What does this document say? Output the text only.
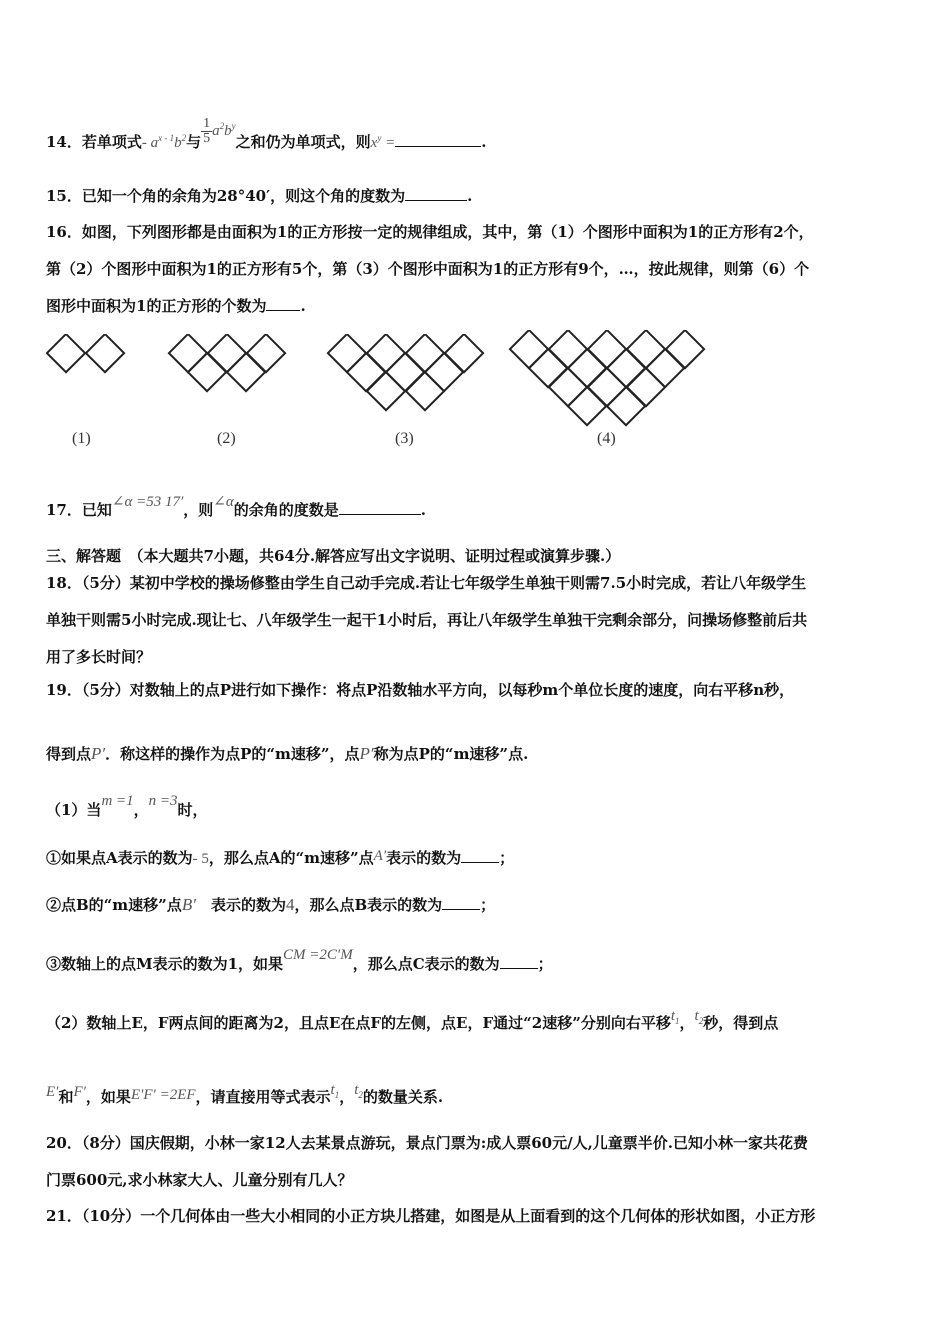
14．若单项式- $a^{x - 1}b^2$与 $\frac{1}{5} a^2b^y$之和仍为单项式，则$x^y$ =	.
15．已知一个角的余角为28°40′，则这个角的度数为	.
16．如图，下列图形都是由面积为1的正方形按一定的规律组成，其中，第（1）个图形中面积为1的正方形有2个，
第（2）个图形中面积为1的正方形有5个，第（3）个图形中面积为1的正方形有9个，…，按此规律，则第（6）个
图形中面积为1的正方形的个数为 .
(1)	(2)	(3)	(4)
17．已知∠α =53 17′，则∠α的余角的度数是	.
三、解答题　（本大题共7小题，共64分.解答应写出文字说明、证明过程或演算步骤.）
18．（5分）某初中学校的操场修整由学生自己动手完成.若让七年级学生单独干则需7.5小时完成，若让八年级学生
单独干则需5小时完成.现让七、八年级学生一起干1小时后，再让八年级学生单独干完剩余部分，问操场修整前后共
用了多长时间？
19．（5分）对数轴上的点P进行如下操作：将点P沿数轴水平方向，以每秒m个单位长度的速度，向右平移n秒，
得到点P′．称这样的操作为点P的“m速移”，点P′称为点P的“m速移”点.
（1）当m =1，n =3时，
①如果点A表示的数为- 5，那么点A的“m速移”点A′表示的数为	；
②点B的“m速移”点B′　 表示的数为4，那么点B表示的数为	；
③数轴上的点M表示的数为1，如果CM =2C′M，那么点C表示的数为	；
（2）数轴上E，F两点间的距离为2，且点E在点F的左侧，点E，F通过“2速移”分别向右平移$t_1$，$t_2$秒，得到点
E′和F′，如果E′F′ =2EF，请直接用等式表示$t_1$，$t_2$的数量关系.
20．（8分）国庆假期，小林一家12人去某景点游玩，景点门票为:成人票60元/人,儿童票半价.已知小林一家共花费
门票600元,求小林家大人、儿童分别有几人？
21．（10分）一个几何体由一些大小相同的小正方块儿搭建，如图是从上面看到的这个几何体的形状如图，小正方形
